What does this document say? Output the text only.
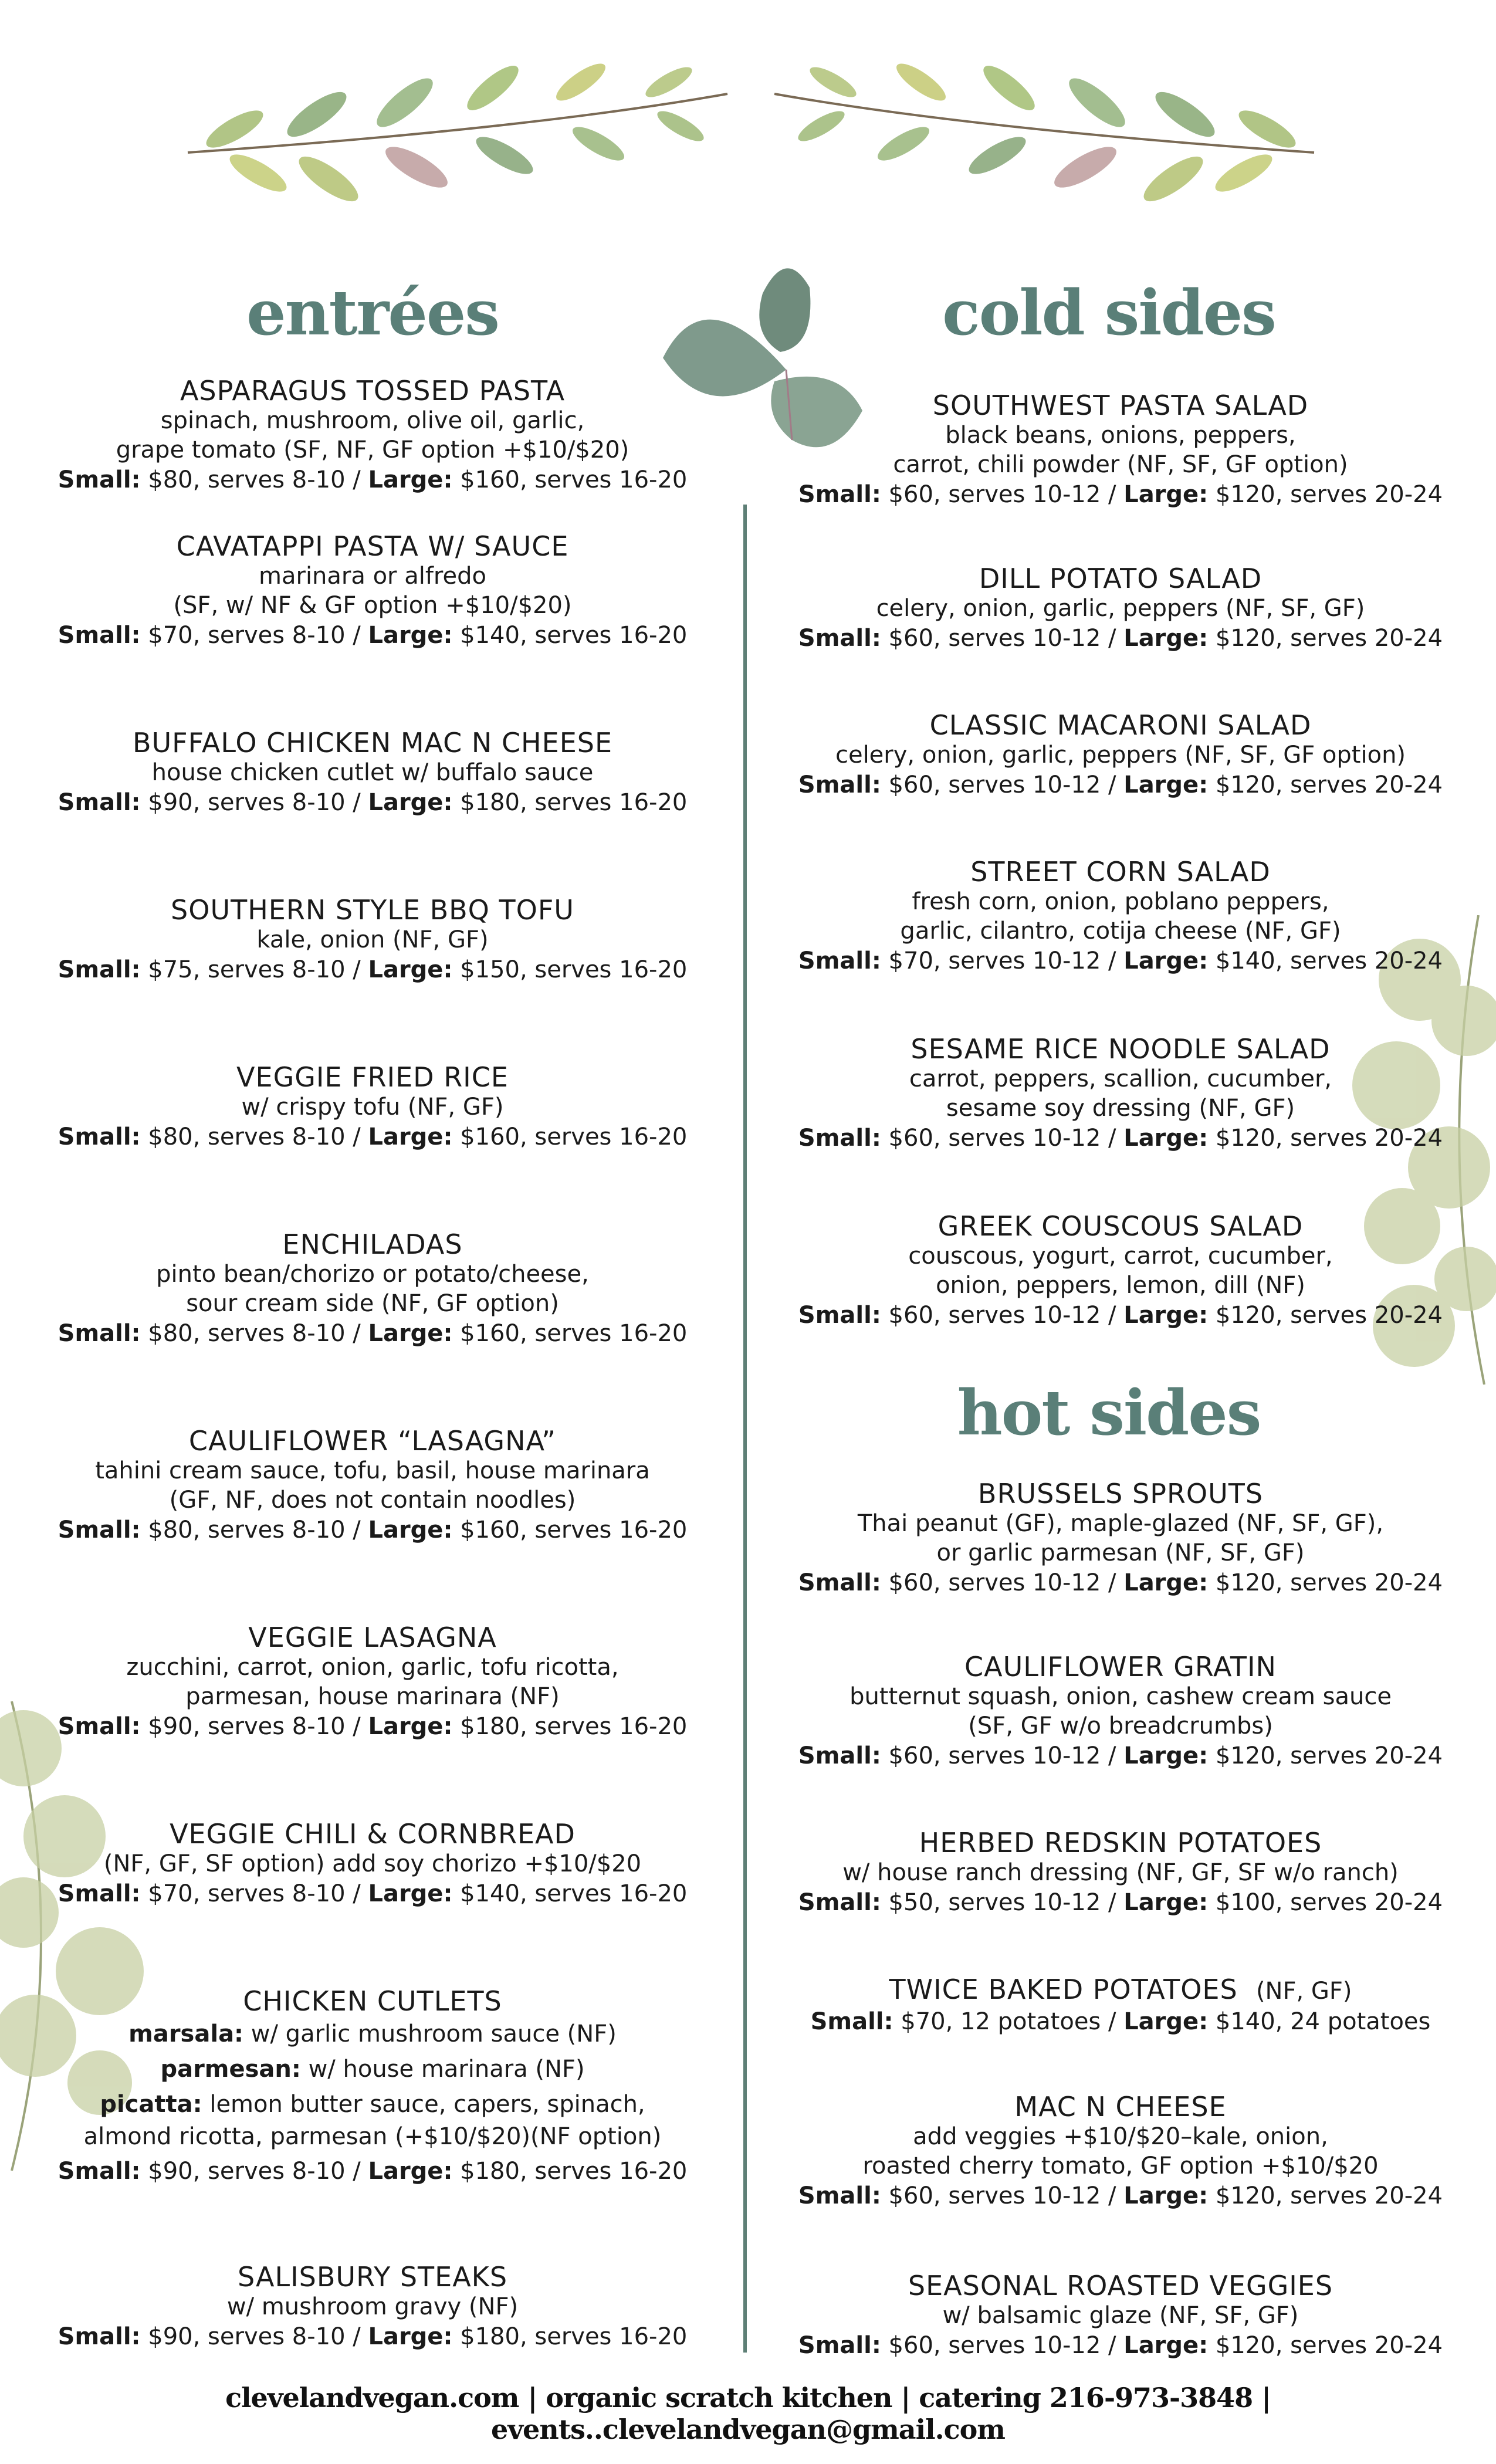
entrées
ASPARAGUS TOSSED PASTA
spinach, mushroom, olive oil, garlic,
grape tomato (SF, NF, GF option +$10/$20)
Small: $80, serves 8-10 / Large: $160, serves 16-20
CAVATAPPI PASTA W/ SAUCE
marinara or alfredo
(SF, w/ NF & GF option +$10/$20)
Small: $70, serves 8-10 / Large: $140, serves 16-20
BUFFALO CHICKEN MAC N CHEESE
house chicken cutlet w/ buffalo sauce
Small: $90, serves 8-10 / Large: $180, serves 16-20
SOUTHERN STYLE BBQ TOFU
kale, onion (NF, GF)
Small: $75, serves 8-10 / Large: $150, serves 16-20
VEGGIE FRIED RICE
w/ crispy tofu (NF, GF)
Small: $80, serves 8-10 / Large: $160, serves 16-20
ENCHILADAS
pinto bean/chorizo or potato/cheese,
sour cream side (NF, GF option)
Small: $80, serves 8-10 / Large: $160, serves 16-20
CAULIFLOWER “LASAGNA”
tahini cream sauce, tofu, basil, house marinara
(GF, NF, does not contain noodles)
Small: $80, serves 8-10 / Large: $160, serves 16-20
VEGGIE LASAGNA
zucchini, carrot, onion, garlic, tofu ricotta,
parmesan, house marinara (NF)
Small: $90, serves 8-10 / Large: $180, serves 16-20
VEGGIE CHILI & CORNBREAD
(NF, GF, SF option) add soy chorizo +$10/$20
Small: $70, serves 8-10 / Large: $140, serves 16-20
CHICKEN CUTLETS
marsala: w/ garlic mushroom sauce (NF)
parmesan: w/ house marinara (NF)
picatta: lemon butter sauce, capers, spinach,
almond ricotta, parmesan (+$10/$20)(NF option)
Small: $90, serves 8-10 / Large: $180, serves 16-20
SALISBURY STEAKS
w/ mushroom gravy (NF)
Small: $90, serves 8-10 / Large: $180, serves 16-20
cold sides
SOUTHWEST PASTA SALAD
black beans, onions, peppers,
carrot, chili powder (NF, SF, GF option)
Small: $60, serves 10-12 / Large: $120, serves 20-24
DILL POTATO SALAD
celery, onion, garlic, peppers (NF, SF, GF)
Small: $60, serves 10-12 / Large: $120, serves 20-24
CLASSIC MACARONI SALAD
celery, onion, garlic, peppers (NF, SF, GF option)
Small: $60, serves 10-12 / Large: $120, serves 20-24
STREET CORN SALAD
fresh corn, onion, poblano peppers,
garlic, cilantro, cotija cheese (NF, GF)
Small: $70, serves 10-12 / Large: $140, serves 20-24
SESAME RICE NOODLE SALAD
carrot, peppers, scallion, cucumber,
sesame soy dressing (NF, GF)
Small: $60, serves 10-12 / Large: $120, serves 20-24
GREEK COUSCOUS SALAD
couscous, yogurt, carrot, cucumber,
onion, peppers, lemon, dill (NF)
Small: $60, serves 10-12 / Large: $120, serves 20-24
hot sides
BRUSSELS SPROUTS
Thai peanut (GF), maple-glazed (NF, SF, GF),
or garlic parmesan (NF, SF, GF)
Small: $60, serves 10-12 / Large: $120, serves 20-24
CAULIFLOWER GRATIN
butternut squash, onion, cashew cream sauce
(SF, GF w/o breadcrumbs)
Small: $60, serves 10-12 / Large: $120, serves 20-24
HERBED REDSKIN POTATOES
w/ house ranch dressing (NF, GF, SF w/o ranch)
Small: $50, serves 10-12 / Large: $100, serves 20-24
TWICE BAKED POTATOES (NF, GF)
Small: $70, 12 potatoes / Large: $140, 24 potatoes
MAC N CHEESE
add veggies +$10/$20–kale, onion,
roasted cherry tomato, GF option +$10/$20
Small: $60, serves 10-12 / Large: $120, serves 20-24
SEASONAL ROASTED VEGGIES
w/ balsamic glaze (NF, SF, GF)
Small: $60, serves 10-12 / Large: $120, serves 20-24
clevelandvegan.com | organic scratch kitchen | catering 216-973-3848 | events..clevelandvegan@gmail.com
